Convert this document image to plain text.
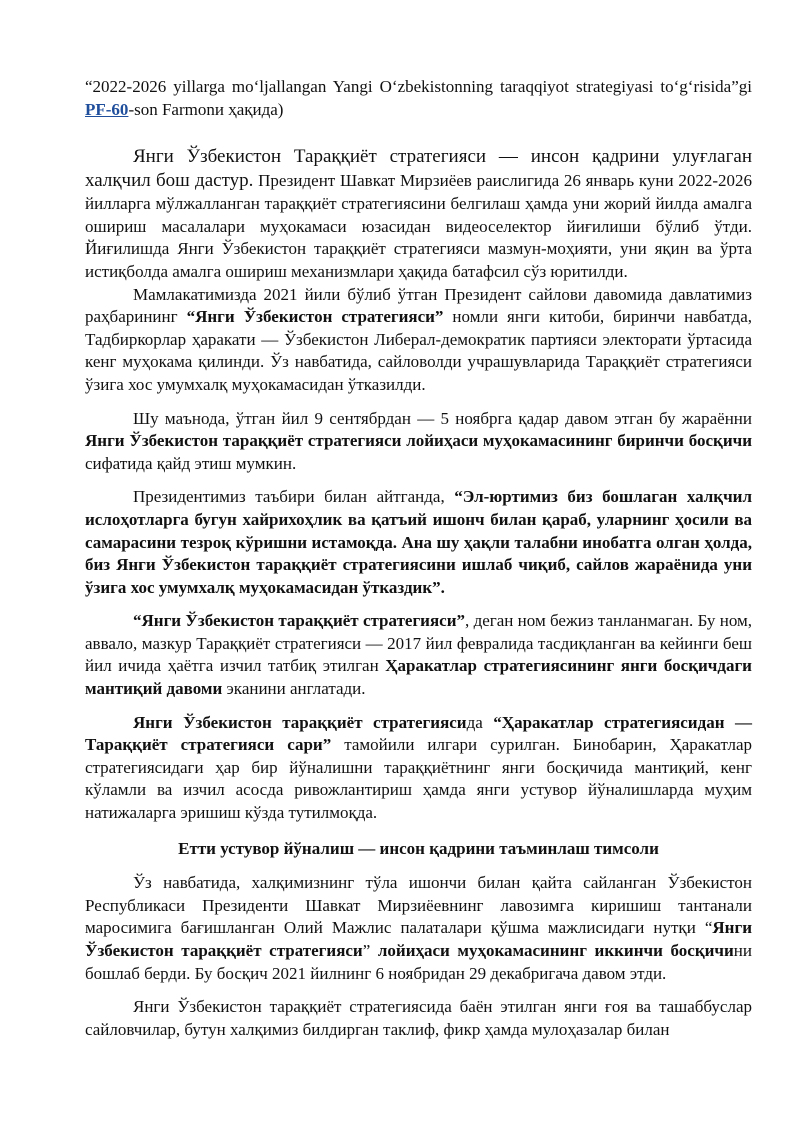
“2022-2026 yillarga moʻljallangan Yangi Oʻzbekistonning taraqqiyot strategiyasi toʻgʻrisida”gi PF-60-son Farmonи ҳақида)

Янги Ўзбекистон Тараққиёт стратегияси — инсон қадрини улуғлаган халқчил бош дастур. Президент Шавкат Мирзиёев раислигида 26 январь куни 2022-2026 йилларга мўлжалланган тараққиёт стратегиясини белгилаш ҳамда уни жорий йилда амалга ошириш масалалари муҳокамаси юзасидан видеоселектор йиғилиши бўлиб ўтди. Йиғилишда Янги Ўзбекистон тараққиёт стратегияси мазмун-моҳияти, уни яқин ва ўрта истиқболда амалга ошириш механизмлари ҳақида батафсил сўз юритилди.

Мамлакатимизда 2021 йили бўлиб ўтган Президент сайлови давомида давлатимиз раҳбарининг “Янги Ўзбекистон стратегияси” номли янги китоби, биринчи навбатда, Тадбиркорлар ҳаракати — Ўзбекистон Либерал-демократик партияси электорати ўртасида кенг муҳокама қилинди. Ўз навбатида, сайловолди учрашувларида Тараққиёт стратегияси ўзига хос умумхалқ муҳокамасидан ўтказилди.

Шу маънода, ўтган йил 9 сентябрдан — 5 ноябрга қадар давом этган бу жараённи Янги Ўзбекистон тараққиёт стратегияси лойиҳаси муҳокамасининг биринчи босқичи сифатида қайд этиш мумкин.

Президентимиз таъбири билан айтганда, “Эл-юртимиз биз бошлаган халқчил ислоҳотларга бугун хайрихоҳлик ва қатъий ишонч билан қараб, уларнинг ҳосили ва самарасини тезроқ кўришни истамоқда. Ана шу ҳақли талабни инобатга олган ҳолда, биз Янги Ўзбекистон тараққиёт стратегиясини ишлаб чиқиб, сайлов жараёнида уни ўзига хос умумхалқ муҳокамасидан ўтказдик”.

“Янги Ўзбекистон тараққиёт стратегияси”, деган ном бежиз танланмаган. Бу ном, аввало, мазкур Тараққиёт стратегияси — 2017 йил февралида тасдиқланган ва кейинги беш йил ичида ҳаётга изчил татбиқ этилган Ҳаракатлар стратегиясининг янги босқичдаги мантиқий давоми эканини англатади.

Янги Ўзбекистон тараққиёт стратегиясида “Ҳаракатлар стратегиясидан — Тараққиёт стратегияси сари” тамойили илгари сурилган. Бинобарин, Ҳаракатлар стратегиясидаги ҳар бир йўналишни тараққиётнинг янги босқичида мантиқий, кенг кўламли ва изчил асосда ривожлантириш ҳамда янги устувор йўналишларда муҳим натижаларга эришиш кўзда тутилмоқда.

Етти устувор йўналиш — инсон қадрини таъминлаш тимсоли

Ўз навбатида, халқимизнинг тўла ишончи билан қайта сайланган Ўзбекистон Республикаси Президенти Шавкат Мирзиёевнинг лавозимга киришиш тантанали маросимига бағишланган Олий Мажлис палаталари қўшма мажлисидаги нутқи “Янги Ўзбекистон тараққиёт стратегияси” лойиҳаси муҳокамасининг иккинчи босқичини бошлаб берди. Бу босқич 2021 йилнинг 6 ноябридан 29 декабригача давом этди.

Янги Ўзбекистон тараққиёт стратегиясида баён этилган янги ғоя ва ташаббуслар сайловчилар, бутун халқимиз билдирган таклиф, фикр ҳамда мулоҳазалар билан
